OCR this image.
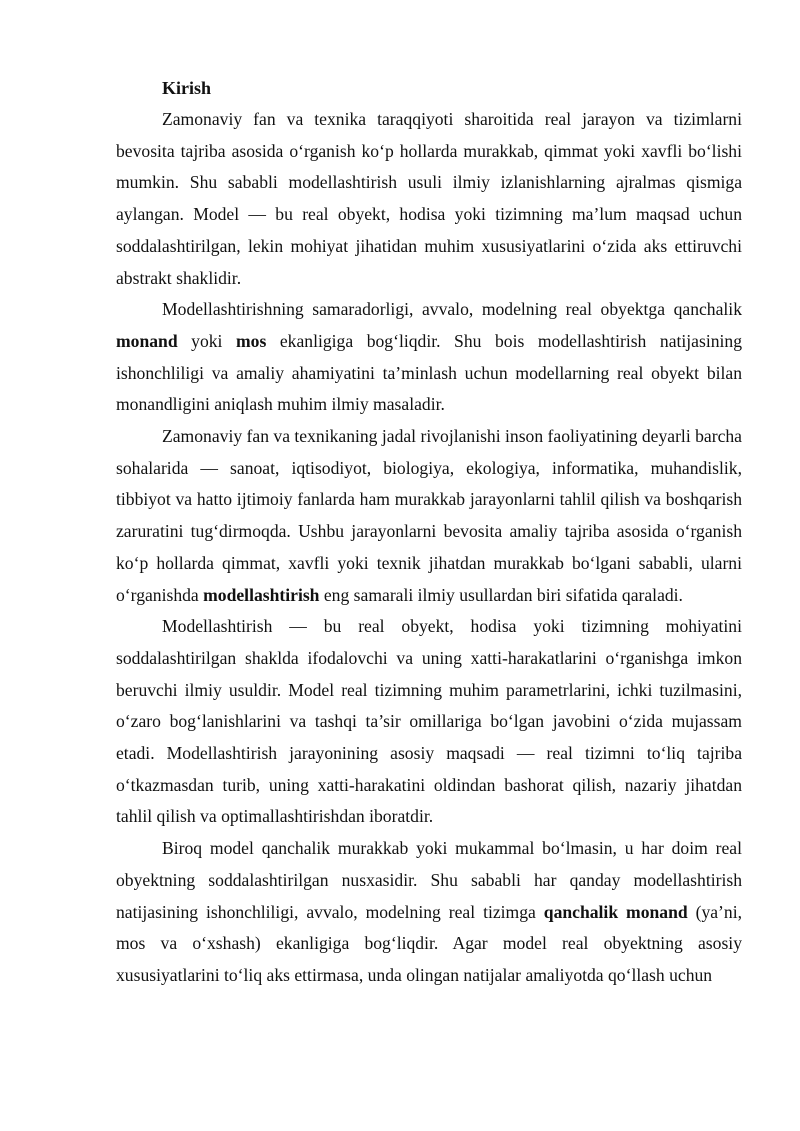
Kirish

Zamonaviy fan va texnika taraqqiyoti sharoitida real jarayon va tizimlarni bevosita tajriba asosida o‘rganish ko‘p hollarda murakkab, qimmat yoki xavfli bo‘lishi mumkin. Shu sababli modellashtirish usuli ilmiy izlanishlarning ajralmas qismiga aylangan. Model — bu real obyekt, hodisa yoki tizimning ma’lum maqsad uchun soddalashtirilgan, lekin mohiyat jihatidan muhim xususiyatlarini o‘zida aks ettiruvchi abstrakt shaklidir.

Modellashtirishning samaradorligi, avvalo, modelning real obyektga qanchalik monand yoki mos ekanligiga bog‘liqdir. Shu bois modellashtirish natijasining ishonchliligi va amaliy ahamiyatini ta’minlash uchun modellarning real obyekt bilan monandligini aniqlash muhim ilmiy masaladir.

Zamonaviy fan va texnikaning jadal rivojlanishi inson faoliyatining deyarli barcha sohalarida — sanoat, iqtisodiyot, biologiya, ekologiya, informatika, muhandislik, tibbiyot va hatto ijtimoiy fanlarda ham murakkab jarayonlarni tahlil qilish va boshqarish zaruratini tug‘dirmoqda. Ushbu jarayonlarni bevosita amaliy tajriba asosida o‘rganish ko‘p hollarda qimmat, xavfli yoki texnik jihatdan murakkab bo‘lgani sababli, ularni o‘rganishda modellashtirish eng samarali ilmiy usullardan biri sifatida qaraladi.

Modellashtirish — bu real obyekt, hodisa yoki tizimning mohiyatini soddalashtirilgan shaklda ifodalovchi va uning xatti-harakatlarini o‘rganishga imkon beruvchi ilmiy usuldir. Model real tizimning muhim parametrlarini, ichki tuzilmasini, o‘zaro bog‘lanishlarini va tashqi ta’sir omillariga bo‘lgan javobini o‘zida mujassam etadi. Modellashtirish jarayonining asosiy maqsadi — real tizimni to‘liq tajriba o‘tkazmasdan turib, uning xatti-harakatini oldindan bashorat qilish, nazariy jihatdan tahlil qilish va optimallashtirishdan iboratdir.

Biroq model qanchalik murakkab yoki mukammal bo‘lmasin, u har doim real obyektning soddalashtirilgan nusxasidir. Shu sababli har qanday modellashtirish natijasining ishonchliligi, avvalo, modelning real tizimga qanchalik monand (ya’ni, mos va o‘xshash) ekanligiga bog‘liqdir. Agar model real obyektning asosiy xususiyatlarini to‘liq aks ettirmasa, unda olingan natijalar amaliyotda qo‘llash uchun
